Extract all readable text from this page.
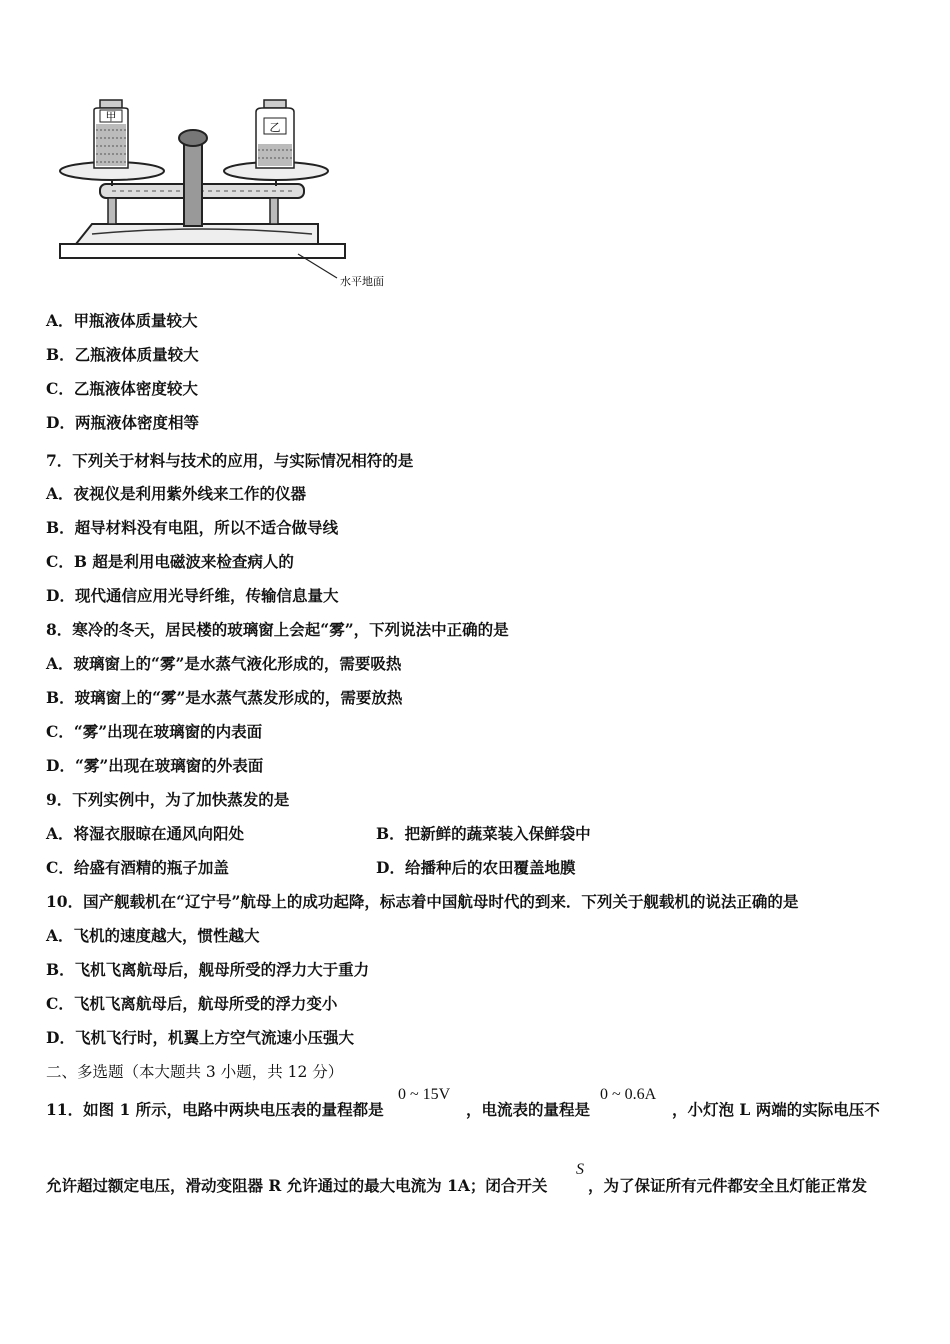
甲
乙
水平地面
A．甲瓶液体质量较大
B．乙瓶液体质量较大
C．乙瓶液体密度较大
D．两瓶液体密度相等
7．下列关于材料与技术的应用，与实际情况相符的是
A．夜视仪是利用紫外线来工作的仪器
B．超导材料没有电阻，所以不适合做导线
C．B 超是利用电磁波来检查病人的
D．现代通信应用光导纤维，传输信息量大
8．寒冷的冬天，居民楼的玻璃窗上会起“雾”，下列说法中正确的是
A．玻璃窗上的“雾”是水蒸气液化形成的，需要吸热
B．玻璃窗上的“雾”是水蒸气蒸发形成的，需要放热
C．“雾”出现在玻璃窗的内表面
D．“雾”出现在玻璃窗的外表面
9．下列实例中，为了加快蒸发的是
A．将湿衣服晾在通风向阳处	B．把新鲜的蔬菜装入保鲜袋中
C．给盛有酒精的瓶子加盖	D．给播种后的农田覆盖地膜
10．国产舰载机在“辽宁号”航母上的成功起降，标志着中国航母时代的到来．下列关于舰载机的说法正确的是
A．飞机的速度越大，惯性越大
B．飞机飞离航母后，舰母所受的浮力大于重力
C．飞机飞离航母后，航母所受的浮力变小
D．飞机飞行时，机翼上方空气流速小压强大
二、多选题（本大题共 3 小题，共 12 分）
11．如图 1 所示，电路中两块电压表的量程都是
0 ~ 15V
，电流表的量程是
0 ~ 0.6A
，小灯泡 L 两端的实际电压不
允许超过额定电压，滑动变阻器 R 允许通过的最大电流为 1A；闭合开关
S
，为了保证所有元件都安全且灯能正常发
